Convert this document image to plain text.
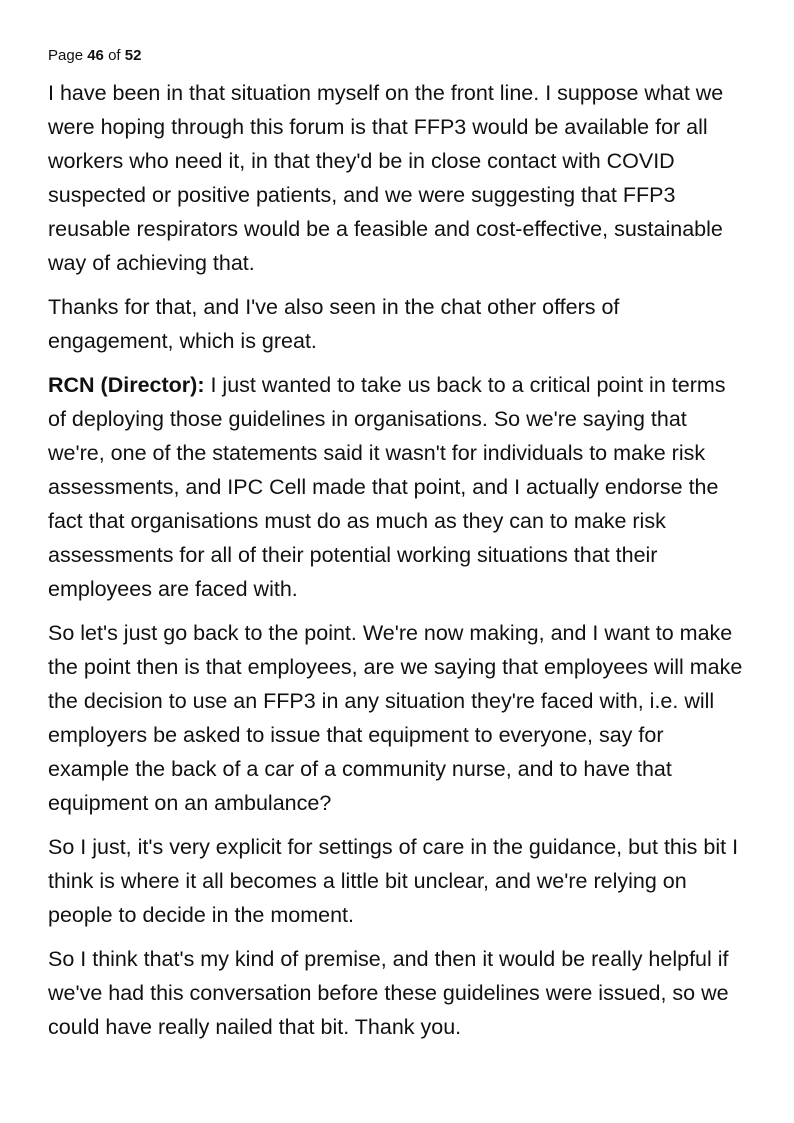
Page 46 of 52

I have been in that situation myself on the front line. I suppose what we were hoping through this forum is that FFP3 would be available for all workers who need it, in that they'd be in close contact with COVID suspected or positive patients, and we were suggesting that FFP3 reusable respirators would be a feasible and cost-effective, sustainable way of achieving that.

Thanks for that, and I've also seen in the chat other offers of engagement, which is great.

RCN (Director): I just wanted to take us back to a critical point in terms of deploying those guidelines in organisations. So we're saying that we're, one of the statements said it wasn't for individuals to make risk assessments, and IPC Cell made that point, and I actually endorse the fact that organisations must do as much as they can to make risk assessments for all of their potential working situations that their employees are faced with.

So let's just go back to the point. We're now making, and I want to make the point then is that employees, are we saying that employees will make the decision to use an FFP3 in any situation they're faced with, i.e. will employers be asked to issue that equipment to everyone, say for example the back of a car of a community nurse, and to have that equipment on an ambulance?

So I just, it's very explicit for settings of care in the guidance, but this bit I think is where it all becomes a little bit unclear, and we're relying on people to decide in the moment.

So I think that's my kind of premise, and then it would be really helpful if we've had this conversation before these guidelines were issued, so we could have really nailed that bit. Thank you.
